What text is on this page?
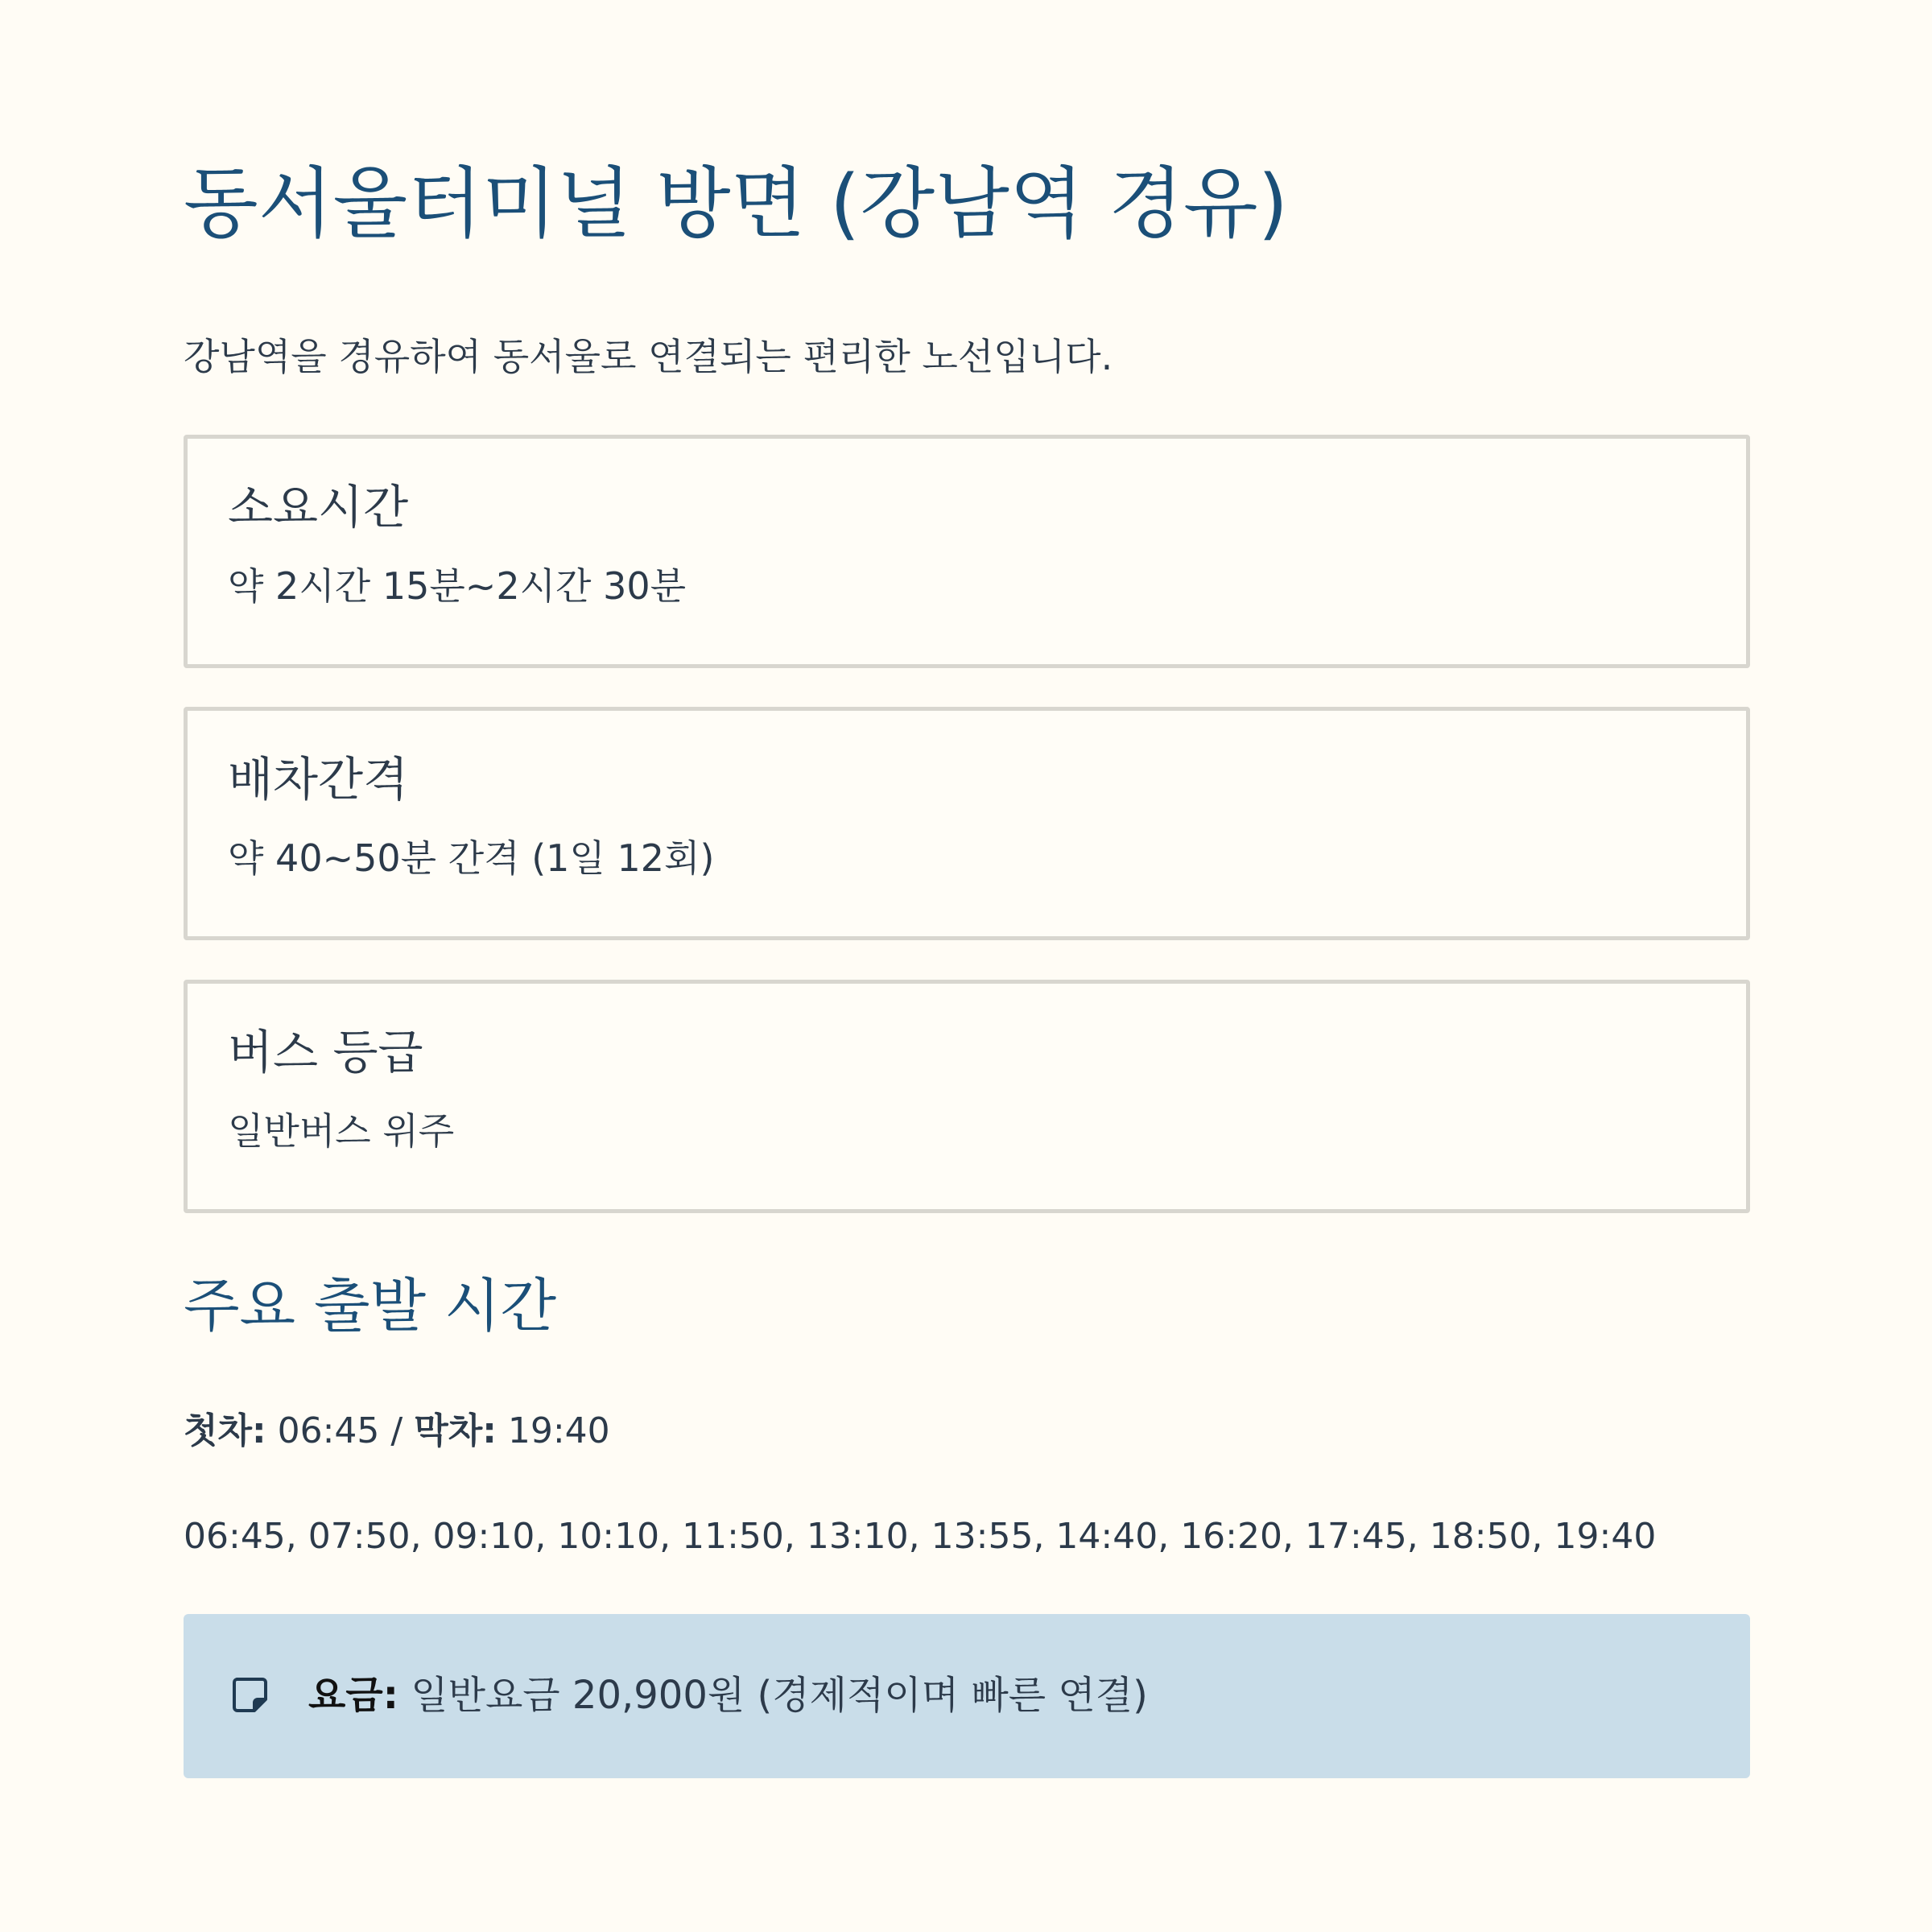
동서울터미널 방면 (강남역 경유)

강남역을 경유하여 동서울로 연결되는 편리한 노선입니다.

소요시간

약 2시간 15분~2시간 30분

배차간격

약 40~50분 간격 (1일 12회)

버스 등급

일반버스 위주

주요 출발 시간

첫차: 06:45 / 막차: 19:40

06:45, 07:50, 09:10, 10:10, 11:50, 13:10, 13:55, 14:40, 16:20, 17:45, 18:50, 19:40

요금: 일반요금 20,900원 (경제적이며 빠른 연결)
